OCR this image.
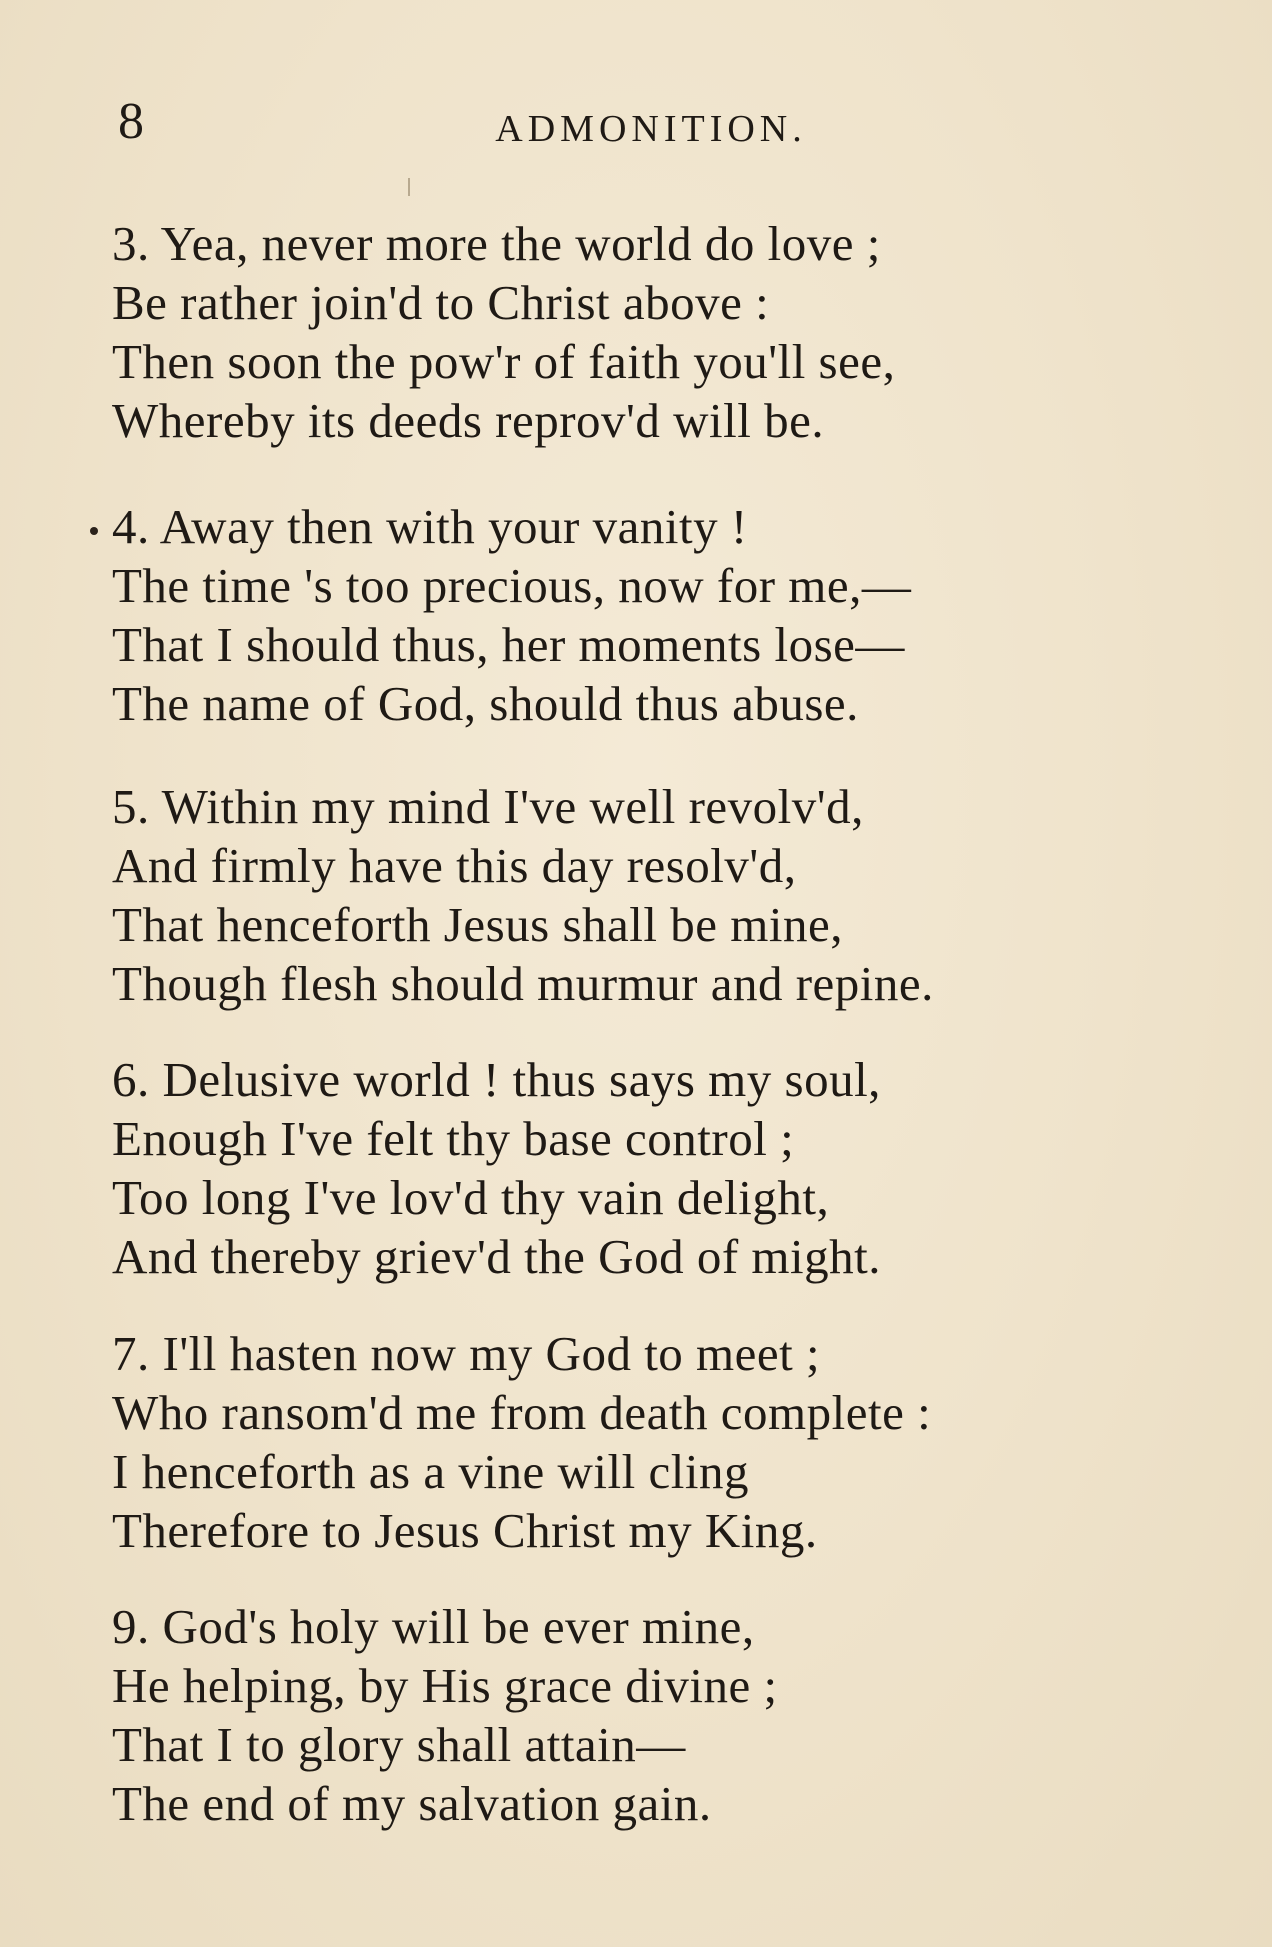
8	ADMONITION.
3. Yea, never more the world do love ;
Be rather join'd to Christ above :
Then soon the pow'r of faith you'll see,
Whereby its deeds reprov'd will be.
4. Away then with your vanity !
The time 's too precious, now for me,—
That I should thus, her moments lose—
The name of God, should thus abuse.
5. Within my mind I've well revolv'd,
And firmly have this day resolv'd,
That henceforth Jesus shall be mine,
Though flesh should murmur and repine.
6. Delusive world ! thus says my soul,
Enough I've felt thy base control ;
Too long I've lov'd thy vain delight,
And thereby griev'd the God of might.
7. I'll hasten now my God to meet ;
Who ransom'd me from death complete :
I henceforth as a vine will cling
Therefore to Jesus Christ my King.
9. God's holy will be ever mine,
He helping, by His grace divine ;
That I to glory shall attain—
The end of my salvation gain.
